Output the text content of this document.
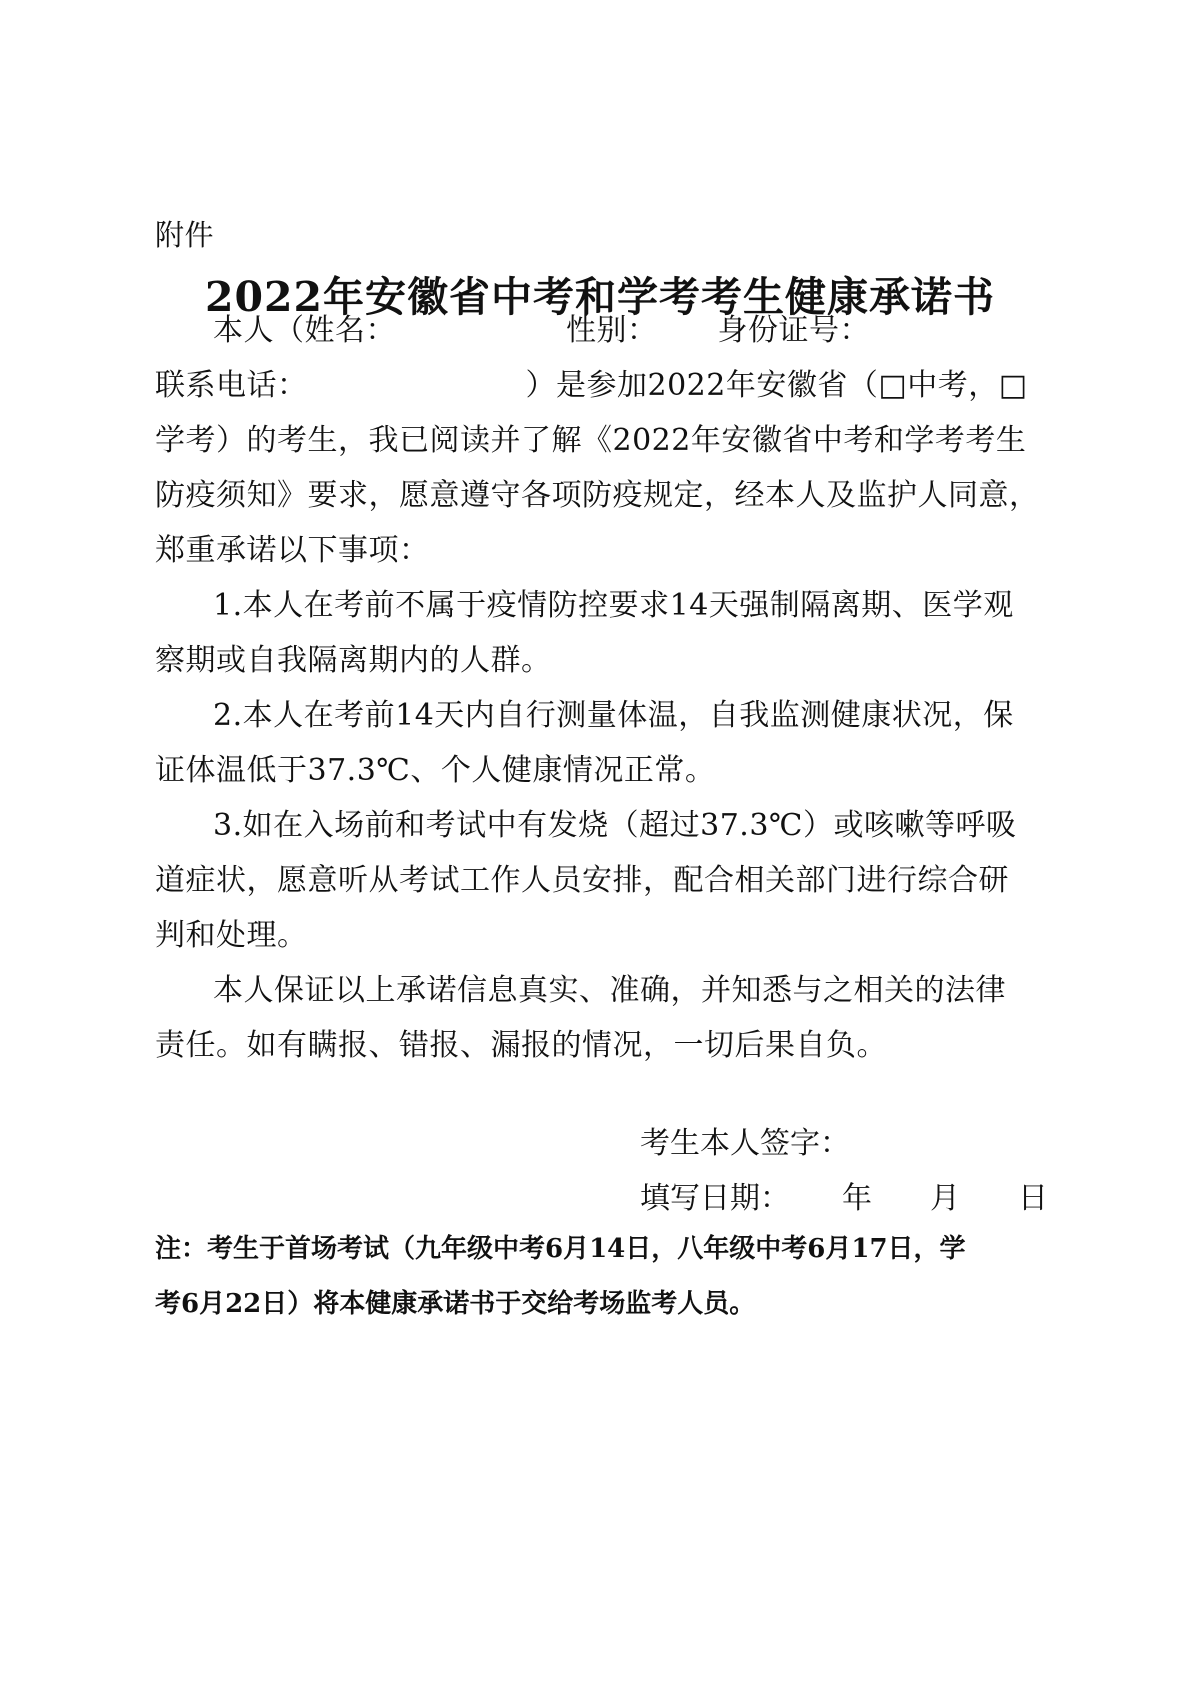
附件
2022年安徽省中考和学考考生健康承诺书
本人（姓名：	性别： 身份证号：
联系电话：	）是参加2022年安徽省（□中考，□
学考）的考生，我已阅读并了解《2022年安徽省中考和学考考生
防疫须知》要求，愿意遵守各项防疫规定，经本人及监护人同意，
郑重承诺以下事项：
1.本人在考前不属于疫情防控要求14天强制隔离期、医学观
察期或自我隔离期内的人群。
2.本人在考前14天内自行测量体温，自我监测健康状况，保
证体温低于37.3℃、个人健康情况正常。
3.如在入场前和考试中有发烧（超过37.3℃）或咳嗽等呼吸
道症状，愿意听从考试工作人员安排，配合相关部门进行综合研
判和处理。
本人保证以上承诺信息真实、准确，并知悉与之相关的法律
责任。如有瞒报、错报、漏报的情况，一切后果自负。
考生本人签字：
填写日期： 年 月 日
注：考生于首场考试（九年级中考6月14日，八年级中考6月17日，学
考6月22日）将本健康承诺书于交给考场监考人员。
